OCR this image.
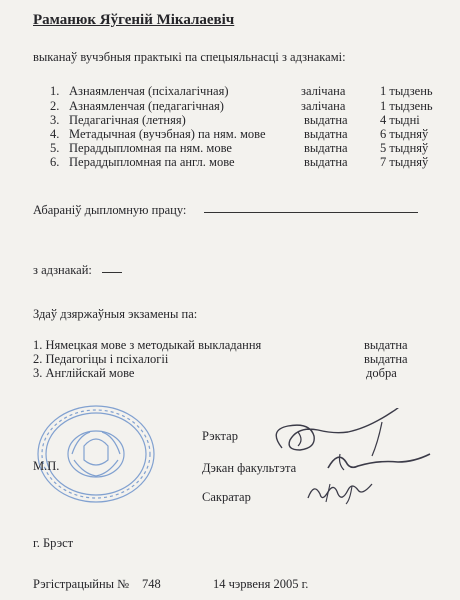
Раманюк Яўгеній Мікалаевіч
выканаў вучэбныя практыкі па спецыяльнасці з адзнакамі:
1. Азнаямленчая (псіхалагічная)	залічана	1 тыдзень
2. Азнаямленчая (педагагічная)	залічана	1 тыдзень
3. Педагагічная (летняя)	выдатна	4 тыдні
4. Метадычная (вучэбная) па ням. мове	выдатна	6 тыдняў
5. Пераддыпломная па ням. мове	выдатна	5 тыдняў
6. Пераддыпломная па англ. мове	выдатна	7 тыдняў
Абараніў дыпломную працу:
з адзнакай:
Здаў дзяржаўныя экзамены па:
1. Нямецкая мове з методыкай выкладання	выдатна
2. Педагогіцы і псіхалогіі	выдатна
3. Англійскай мове	добра
М.П.
Рэктар
Дэкан факультэта
Сакратар
г. Брэст
Рэгістрацыйны № 748	14 чэрвеня 2005 г.
